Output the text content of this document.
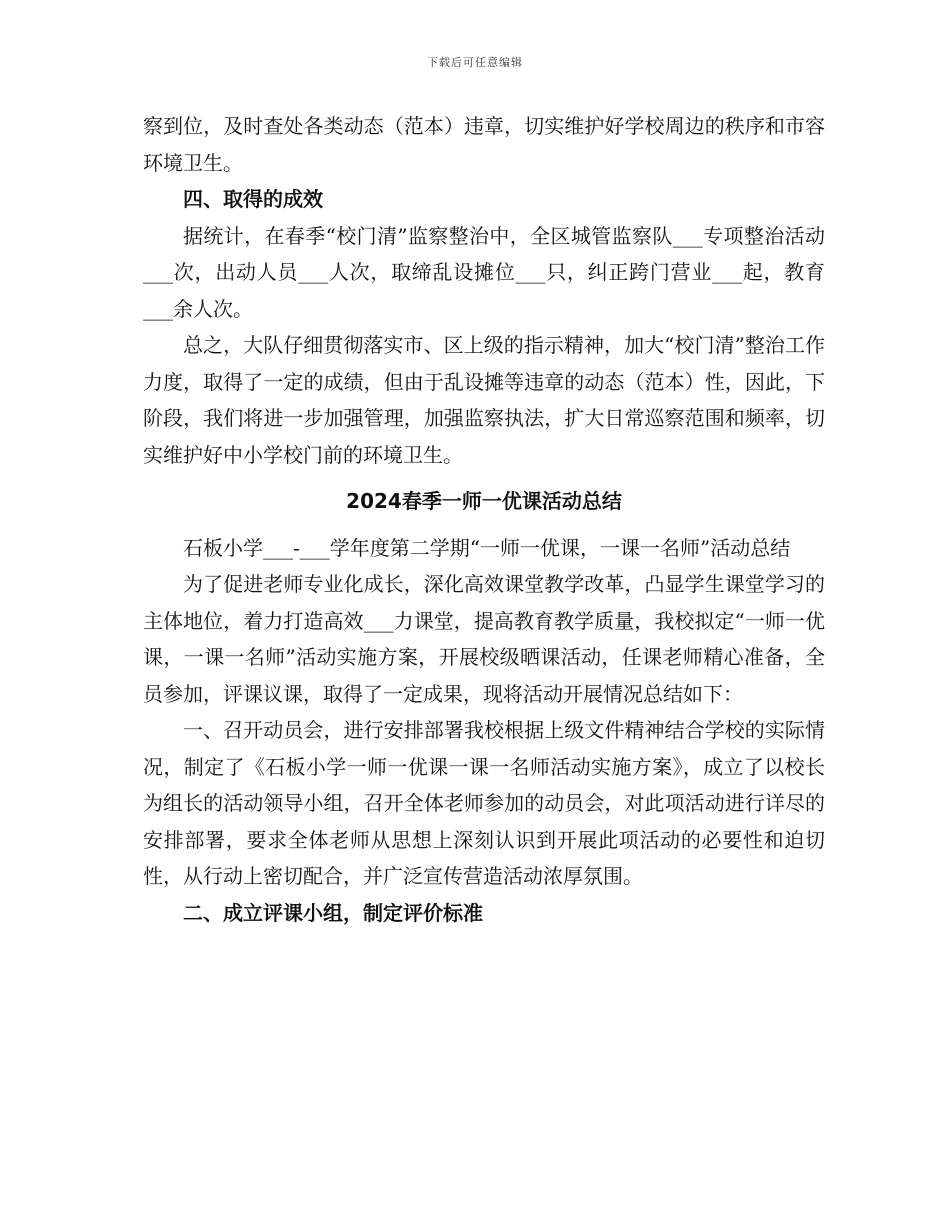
下载后可任意编辑

察到位，及时查处各类动态（范本）违章，切实维护好学校周边的秩序和市容环境卫生。

四、取得的成效

据统计，在春季“校门清”监察整治中，全区城管监察队___专项整治活动___次，出动人员___人次，取缔乱设摊位___只，纠正跨门营业___起，教育___余人次。

总之，大队仔细贯彻落实市、区上级的指示精神，加大“校门清”整治工作力度，取得了一定的成绩，但由于乱设摊等违章的动态（范本）性，因此，下阶段，我们将进一步加强管理，加强监察执法，扩大日常巡察范围和频率，切实维护好中小学校门前的环境卫生。

2024春季一师一优课活动总结

石板小学___-___学年度第二学期“一师一优课，一课一名师”活动总结

为了促进老师专业化成长，深化高效课堂教学改革，凸显学生课堂学习的主体地位，着力打造高效___力课堂，提高教育教学质量，我校拟定“一师一优课，一课一名师”活动实施方案，开展校级晒课活动，任课老师精心准备，全员参加，评课议课，取得了一定成果，现将活动开展情况总结如下：

一、召开动员会，进行安排部署我校根据上级文件精神结合学校的实际情况，制定了《石板小学一师一优课一课一名师活动实施方案》，成立了以校长为组长的活动领导小组，召开全体老师参加的动员会，对此项活动进行详尽的安排部署，要求全体老师从思想上深刻认识到开展此项活动的必要性和迫切性，从行动上密切配合，并广泛宣传营造活动浓厚氛围。

二、成立评课小组，制定评价标准
